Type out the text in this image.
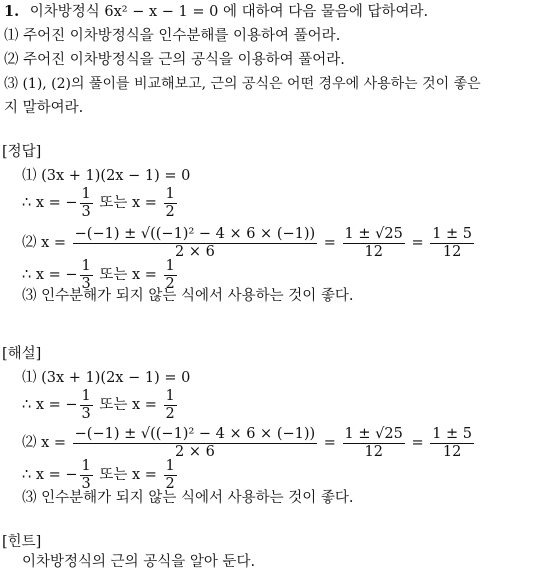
1. 이차방정식 6x² − x − 1 = 0 에 대하여 다음 물음에 답하여라.
⑴ 주어진 이차방정식을 인수분해를 이용하여 풀어라.
⑵ 주어진 이차방정식을 근의 공식을 이용하여 풀어라.
⑶ (1), (2)의 풀이를 비교해보고, 근의 공식은 어떤 경우에 사용하는 것이 좋은
지 말하여라.
[정답]
⑴ (3x + 1)(2x − 1) = 0
∴ x = − $\frac{1}{3}$ 또는 $x = \frac{1}{2}$
⑵ $x = \frac{\text{−(−1) ± √((−1)² − 4 × 6 × (−1))}}{2 \times 6} = \frac{1 \pm √25}{12} = \frac{1 \pm 5}{12}$
∴ x = − $\frac{1}{3}$ 또는 $x = \frac{1}{2}$
⑶ 인수분해가 되지 않는 식에서 사용하는 것이 좋다.
[해설]
⑴ (3x + 1)(2x − 1) = 0
∴ x = − $\frac{1}{3}$ 또는 $x = \frac{1}{2}$
⑵ $x = \frac{\text{−(−1) ± √((−1)² − 4 × 6 × (−1))}}{2 \times 6} = \frac{1 \pm √25}{12} = \frac{1 \pm 5}{12}$
∴ x = − $\frac{1}{3}$ 또는 $x = \frac{1}{2}$
⑶ 인수분해가 되지 않는 식에서 사용하는 것이 좋다.
[힌트]
이차방정식의 근의 공식을 알아 둔다.
